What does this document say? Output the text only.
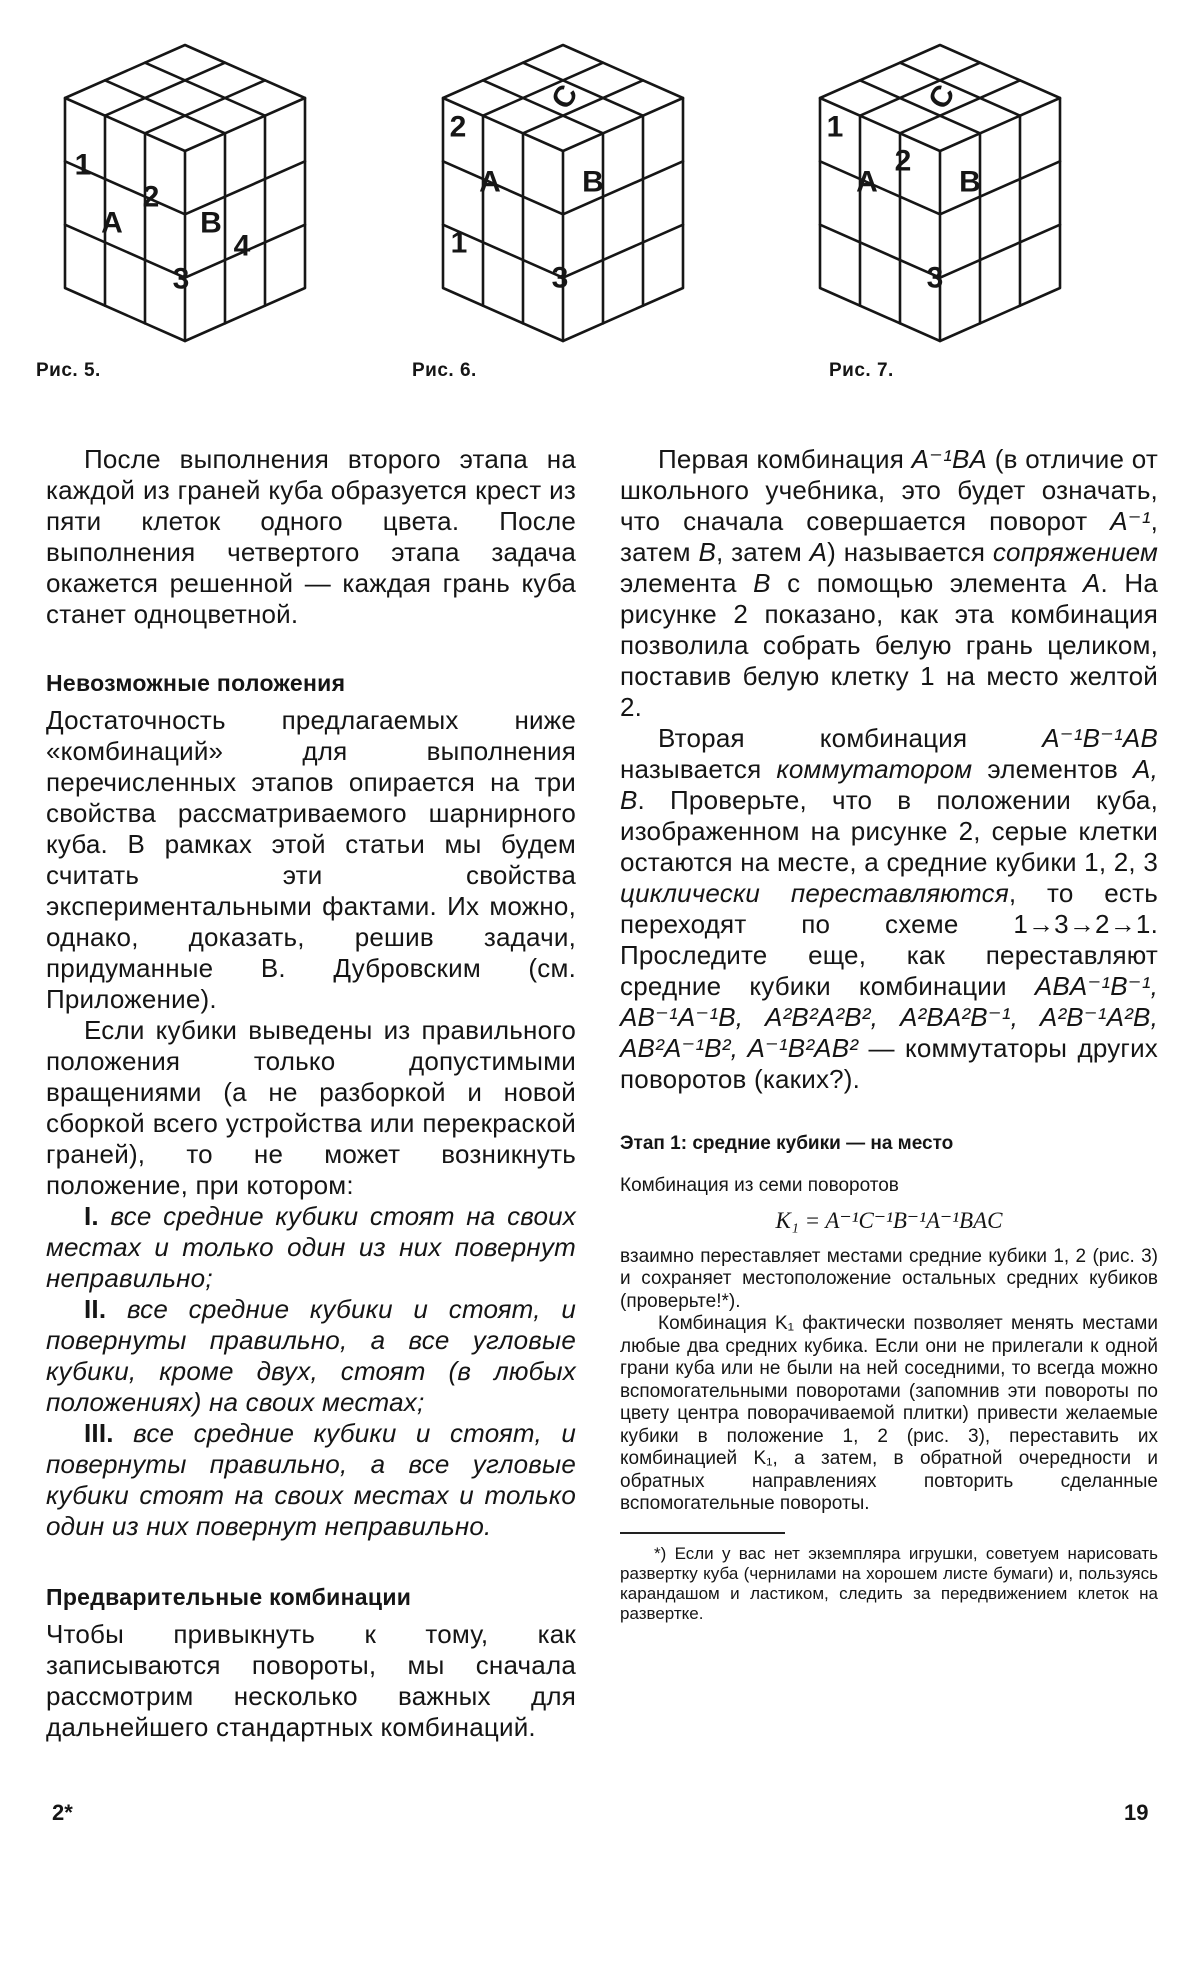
1
A
2
B
4
3

Рис. 5.

C
2
A
1
B
3

Рис. 6.

C
1
A
2
B
3

Рис. 7.

После выполнения второго этапа на каждой из граней куба образуется крест из пяти клеток одного цвета. После выполнения четвертого этапа задача окажется решенной — каждая грань куба станет одноцветной.

Невозможные положения

Достаточность предлагаемых ниже «комбинаций» для выполнения перечисленных этапов опирается на три свойства рассматриваемого шарнирного куба. В рамках этой статьи мы будем считать эти свойства экспериментальными фактами. Их можно, однако, доказать, решив задачи, придуманные В. Дубровским (см. Приложение).

Если кубики выведены из правильного положения только допустимыми вращениями (а не разборкой и новой сборкой всего устройства или перекраской граней), то не может возникнуть положение, при котором:

I. все средние кубики стоят на своих местах и только один из них повернут неправильно;

II. все средние кубики и стоят, и повернуты правильно, а все угловые кубики, кроме двух, стоят (в любых положениях) на своих местах;

III. все средние кубики и стоят, и повернуты правильно, а все угловые кубики стоят на своих местах и только один из них повернут неправильно.

Предварительные комбинации

Чтобы привыкнуть к тому, как записываются повороты, мы сначала рассмотрим несколько важных для дальнейшего стандартных комбинаций.

2*

Первая комбинация A⁻¹BA (в отличие от школьного учебника, это будет означать, что сначала совершается поворот A⁻¹, затем B, затем A) называется сопряжением элемента B с помощью элемента A. На рисунке 2 показано, как эта комбинация позволила собрать белую грань целиком, поставив белую клетку 1 на место желтой 2.

Вторая комбинация A⁻¹B⁻¹AB называется коммутатором элементов A, B. Проверьте, что в положении куба, изображенном на рисунке 2, серые клетки остаются на месте, а средние кубики 1, 2, 3 циклически переставляются, то есть переходят по схеме 1→3→2→1. Проследите еще, как переставляют средние кубики комбинации ABA⁻¹B⁻¹, AB⁻¹A⁻¹B, A²B²A²B², A²BA²B⁻¹, A²B⁻¹A²B, AB²A⁻¹B², A⁻¹B²AB² — коммутаторы других поворотов (каких?).

Этап 1: средние кубики — на место

Комбинация из семи поворотов

K₁ = A⁻¹C⁻¹B⁻¹A⁻¹BAC

взаимно переставляет местами средние кубики 1, 2 (рис. 3) и сохраняет местоположение остальных средних кубиков (проверьте!*).

Комбинация K₁ фактически позволяет менять местами любые два средних кубика. Если они не прилегали к одной грани куба или не были на ней соседними, то всегда можно вспомогательными поворотами (запомнив эти повороты по цвету центра поворачиваемой плитки) привести желаемые кубики в положение 1, 2 (рис. 3), переставить их комбинацией K₁, а затем, в обратной очередности и обратных направлениях повторить сделанные вспомогательные повороты.

*) Если у вас нет экземпляра игрушки, советуем нарисовать развертку куба (чернилами на хорошем листе бумаги) и, пользуясь карандашом и ластиком, следить за передвижением клеток на развертке.

19
